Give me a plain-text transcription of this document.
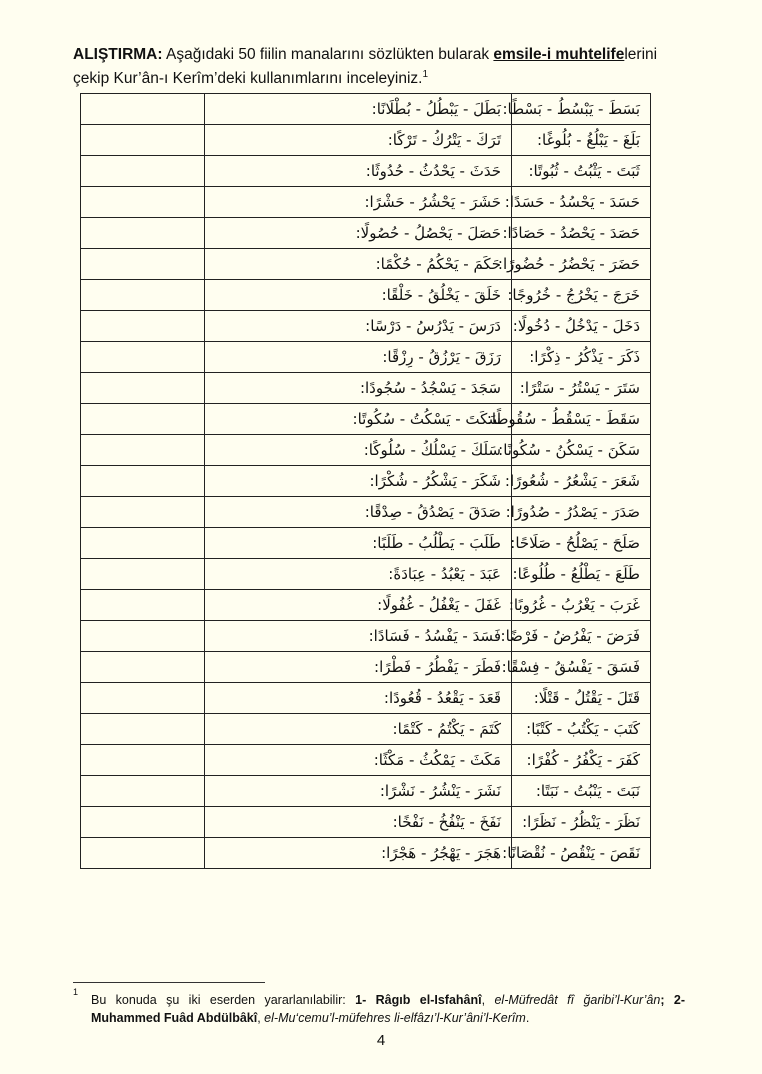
ALIŞTIRMA: Aşağıdaki 50 fiilin manalarını sözlükten bularak emsile-i muhtelifelerini çekip Kur’ân-ı Kerîm’deki kullanımlarını inceleyiniz.$^1$
	بَطَلَ - يَبْطُلُ - بُطْلَانًا:	بَسَطَ - يَبْسُطُ - بَسْطًا:
	تَرَكَ - يَتْرُكُ - تَرْكًا:	بَلَغَ - يَبْلُغُ - بُلُوغًا:
	حَدَثَ - يَحْدُثُ - حُدُوثًا:	ثَبَتَ - يَثْبُتُ - ثُبُوتًا:
	حَشَرَ - يَحْشُرُ - حَشْرًا:	حَسَدَ - يَحْسُدُ - حَسَدًا:
	حَصَلَ - يَحْصُلُ - حُصُولًا:	حَصَدَ - يَحْصُدُ - حَصَادًا:
	حَكَمَ - يَحْكُمُ - حُكْمًا:	حَضَرَ - يَحْضُرُ - حُضُورًا:
	خَلَقَ - يَخْلُقُ - خَلْقًا:	خَرَجَ - يَخْرُجُ - خُرُوجًا:
	دَرَسَ - يَدْرُسُ - دَرْسًا:	دَخَلَ - يَدْخُلُ - دُخُولًا:
	رَزَقَ - يَرْزُقُ - رِزْقًا:	ذَكَرَ - يَذْكُرُ - ذِكْرًا:
	سَجَدَ - يَسْجُدُ - سُجُودًا:	سَتَرَ - يَسْتُرُ - سَتْرًا:
	سَكَتَ - يَسْكُتُ - سُكُوتًا:	سَقَطَ - يَسْقُطُ - سُقُوطًا:
	سَلَكَ - يَسْلُكُ - سُلُوكًا:	سَكَنَ - يَسْكُنُ - سُكُونًا:
	شَكَرَ - يَشْكُرُ - شُكْرًا:	شَعَرَ - يَشْعُرُ - شُعُورًا:
	صَدَقَ - يَصْدُقُ - صِدْقًا:	صَدَرَ - يَصْدُرُ - صُدُورًا:
	طَلَبَ - يَطْلُبُ - طَلَبًا:	صَلَحَ - يَصْلُحُ - صَلَاحًا:
	عَبَدَ - يَعْبُدُ - عِبَادَةً:	طَلَعَ - يَطْلُعُ - طُلُوعًا:
	غَفَلَ - يَغْفُلُ - غُفُولًا:	غَرَبَ - يَغْرُبُ - غُرُوبًا:
	فَسَدَ - يَفْسُدُ - فَسَادًا:	فَرَضَ - يَفْرُضُ - فَرْضًا:
	فَطَرَ - يَفْطُرُ - فَطْرًا:	فَسَقَ - يَفْسُقُ - فِسْقًا:
	قَعَدَ - يَقْعُدُ - قُعُودًا:	قَتَلَ - يَقْتُلُ - قَتْلًا:
	كَتَمَ - يَكْتُمُ - كَتْمًا:	كَتَبَ - يَكْتُبُ - كَتْبًا:
	مَكَثَ - يَمْكُثُ - مَكْثًا:	كَفَرَ - يَكْفُرُ - كُفْرًا:
	نَشَرَ - يَنْشُرُ - نَشْرًا:	نَبَتَ - يَنْبُتُ - نَبَتًا:
	نَفَخَ - يَنْفُخُ - نَفْخًا:	نَظَرَ - يَنْظُرُ - نَظَرًا:
	هَجَرَ - يَهْجُرُ - هَجْرًا:	نَقَصَ - يَنْقُصُ - نُقْصَانًا:
1
Bu konuda şu iki eserden yararlanılabilir: 1- Râgıb el-Isfahânî, el-Müfredât fî ğaribi’l-Kur’ân; 2- Muhammed Fuâd Abdülbâkî, el-Mu‘cemu’l-müfehres li-elfâzı’l-Kur’âni’l-Kerîm.
4
